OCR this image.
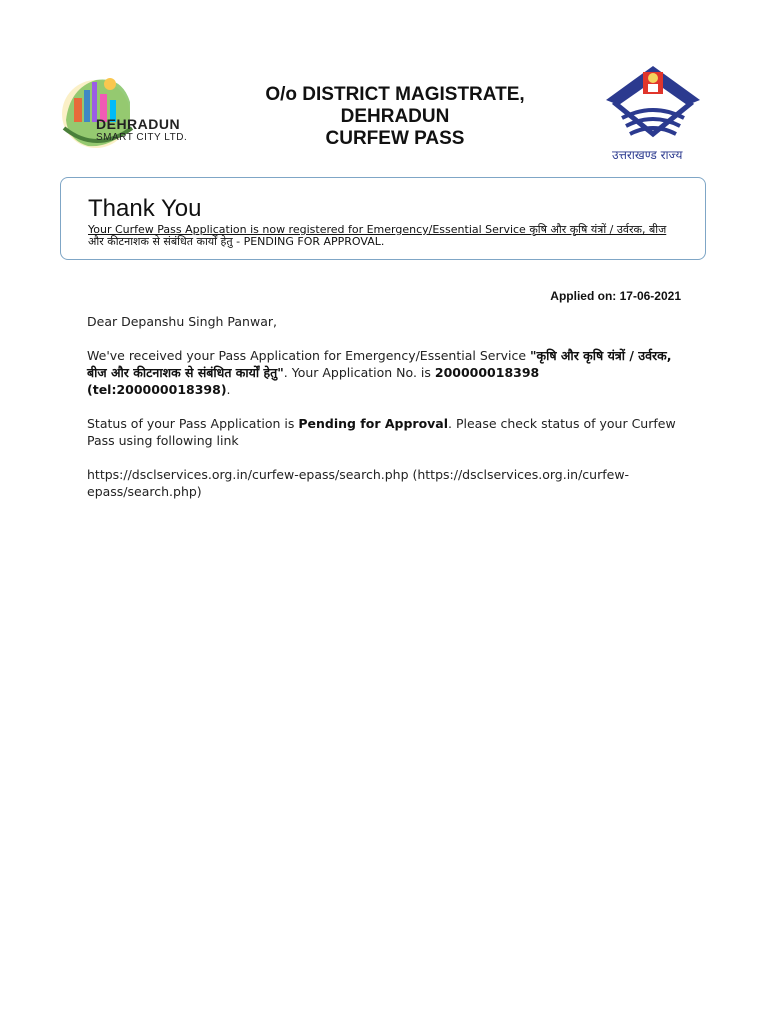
DEHRADUN
SMART CITY LTD.
O/o DISTRICT MAGISTRATE,
DEHRADUN
CURFEW PASS
उत्तराखण्ड राज्य
Thank You
Your Curfew Pass Application is now registered for Emergency/Essential Service कृषि और कृषि यंत्रों / उर्वरक, बीज
और कीटनाशक से संबंधित कार्यों हेतु - PENDING FOR APPROVAL.
Applied on: 17-06-2021

Dear Depanshu Singh Panwar,

We've received your Pass Application for Emergency/Essential Service "कृषि और कृषि यंत्रों / उर्वरक, बीज और कीटनाशक से संबंधित कार्यों हेतु". Your Application No. is 200000018398 (tel:200000018398).

Status of your Pass Application is Pending for Approval. Please check status of your Curfew Pass using following link

https://dsclservices.org.in/curfew-epass/search.php (https://dsclservices.org.in/curfew-epass/search.php)
